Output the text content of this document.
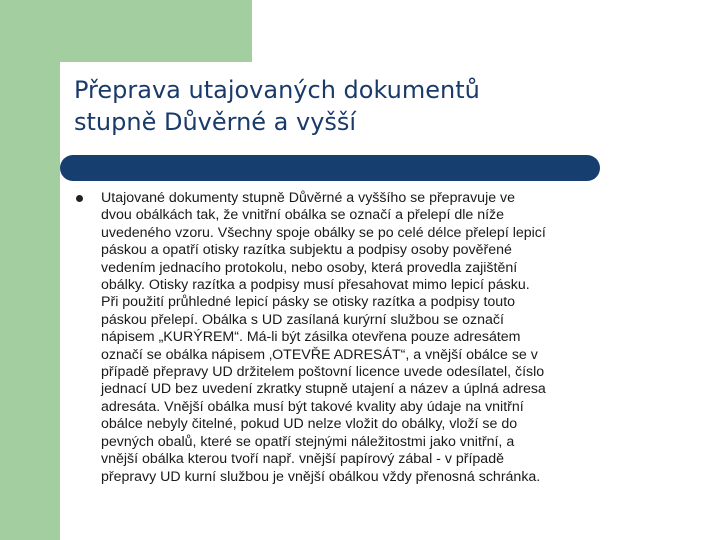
Přeprava utajovaných dokumentů
stupně Důvěrné a vyšší

Utajované dokumenty stupně Důvěrné a vyššího se přepravuje ve
dvou obálkách tak, že vnitřní obálka se označí a přelepí dle níže
uvedeného vzoru. Všechny spoje obálky se po celé délce přelepí lepicí
páskou a opatří otisky razítka subjektu a podpisy osoby pověřené
vedením jednacího protokolu, nebo osoby, která provedla zajištění
obálky. Otisky razítka a podpisy musí přesahovat mimo lepicí pásku.
Při použití průhledné lepicí pásky se otisky razítka a podpisy touto
páskou přelepí. Obálka s UD zasílaná kurýrní službou se označí
nápisem „KURÝREM“. Má-li být zásilka otevřena pouze adresátem
označí se obálka nápisem ‚OTEVŘE ADRESÁT“, a vnější obálce se v
případě přepravy UD držitelem poštovní licence uvede odesílatel, číslo
jednací UD bez uvedení zkratky stupně utajení a název a úplná adresa
adresáta. Vnější obálka musí být takové kvality aby údaje na vnitřní
obálce nebyly čitelné, pokud UD nelze vložit do obálky, vloží se do
pevných obalů, které se opatří stejnými náležitostmi jako vnitřní, a
vnější obálka kterou tvoří např. vnější papírový zábal - v případě
přepravy UD kurní službou je vnější obálkou vždy přenosná schránka.
